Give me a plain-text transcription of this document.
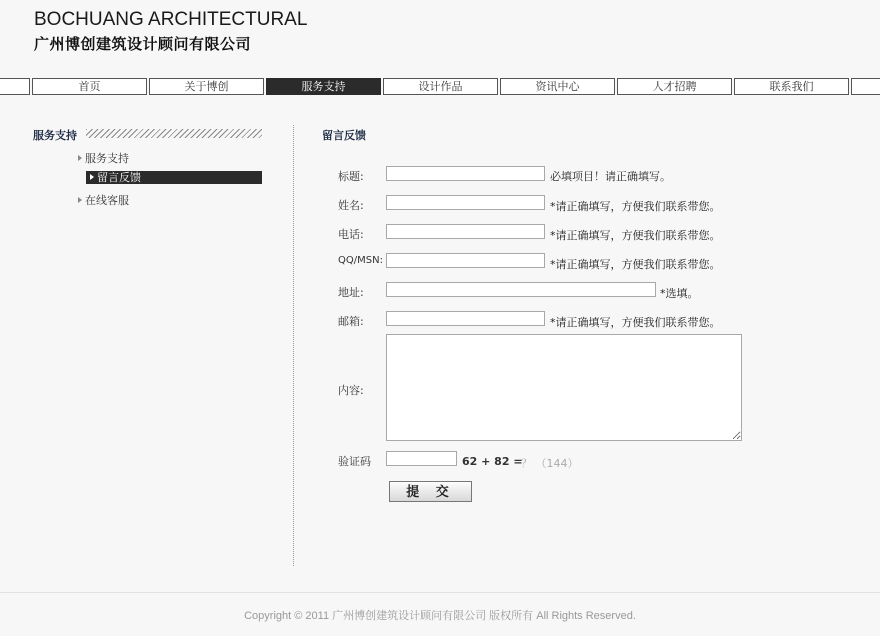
BOCHUANG ARCHITECTURAL
广州博创建筑设计顾问有限公司
首页	关于博创	服务支持	设计作品	资讯中心	人才招聘	联系我们
服务支持
服务支持
留言反馈
在线客服
留言反馈
标题:	必填项目！请正确填写。
姓名:	*请正确填写，方便我们联系带您。
电话:	*请正确填写，方便我们联系带您。
QQ/MSN:	*请正确填写，方便我们联系带您。
地址:	*选填。
邮箱:	*请正确填写，方便我们联系带您。
内容:
验证码	62 + 82 =
？ （144）
提 交
Copyright © 2011 广州博创建筑设计顾问有限公司 版权所有 All Rights Reserved.
